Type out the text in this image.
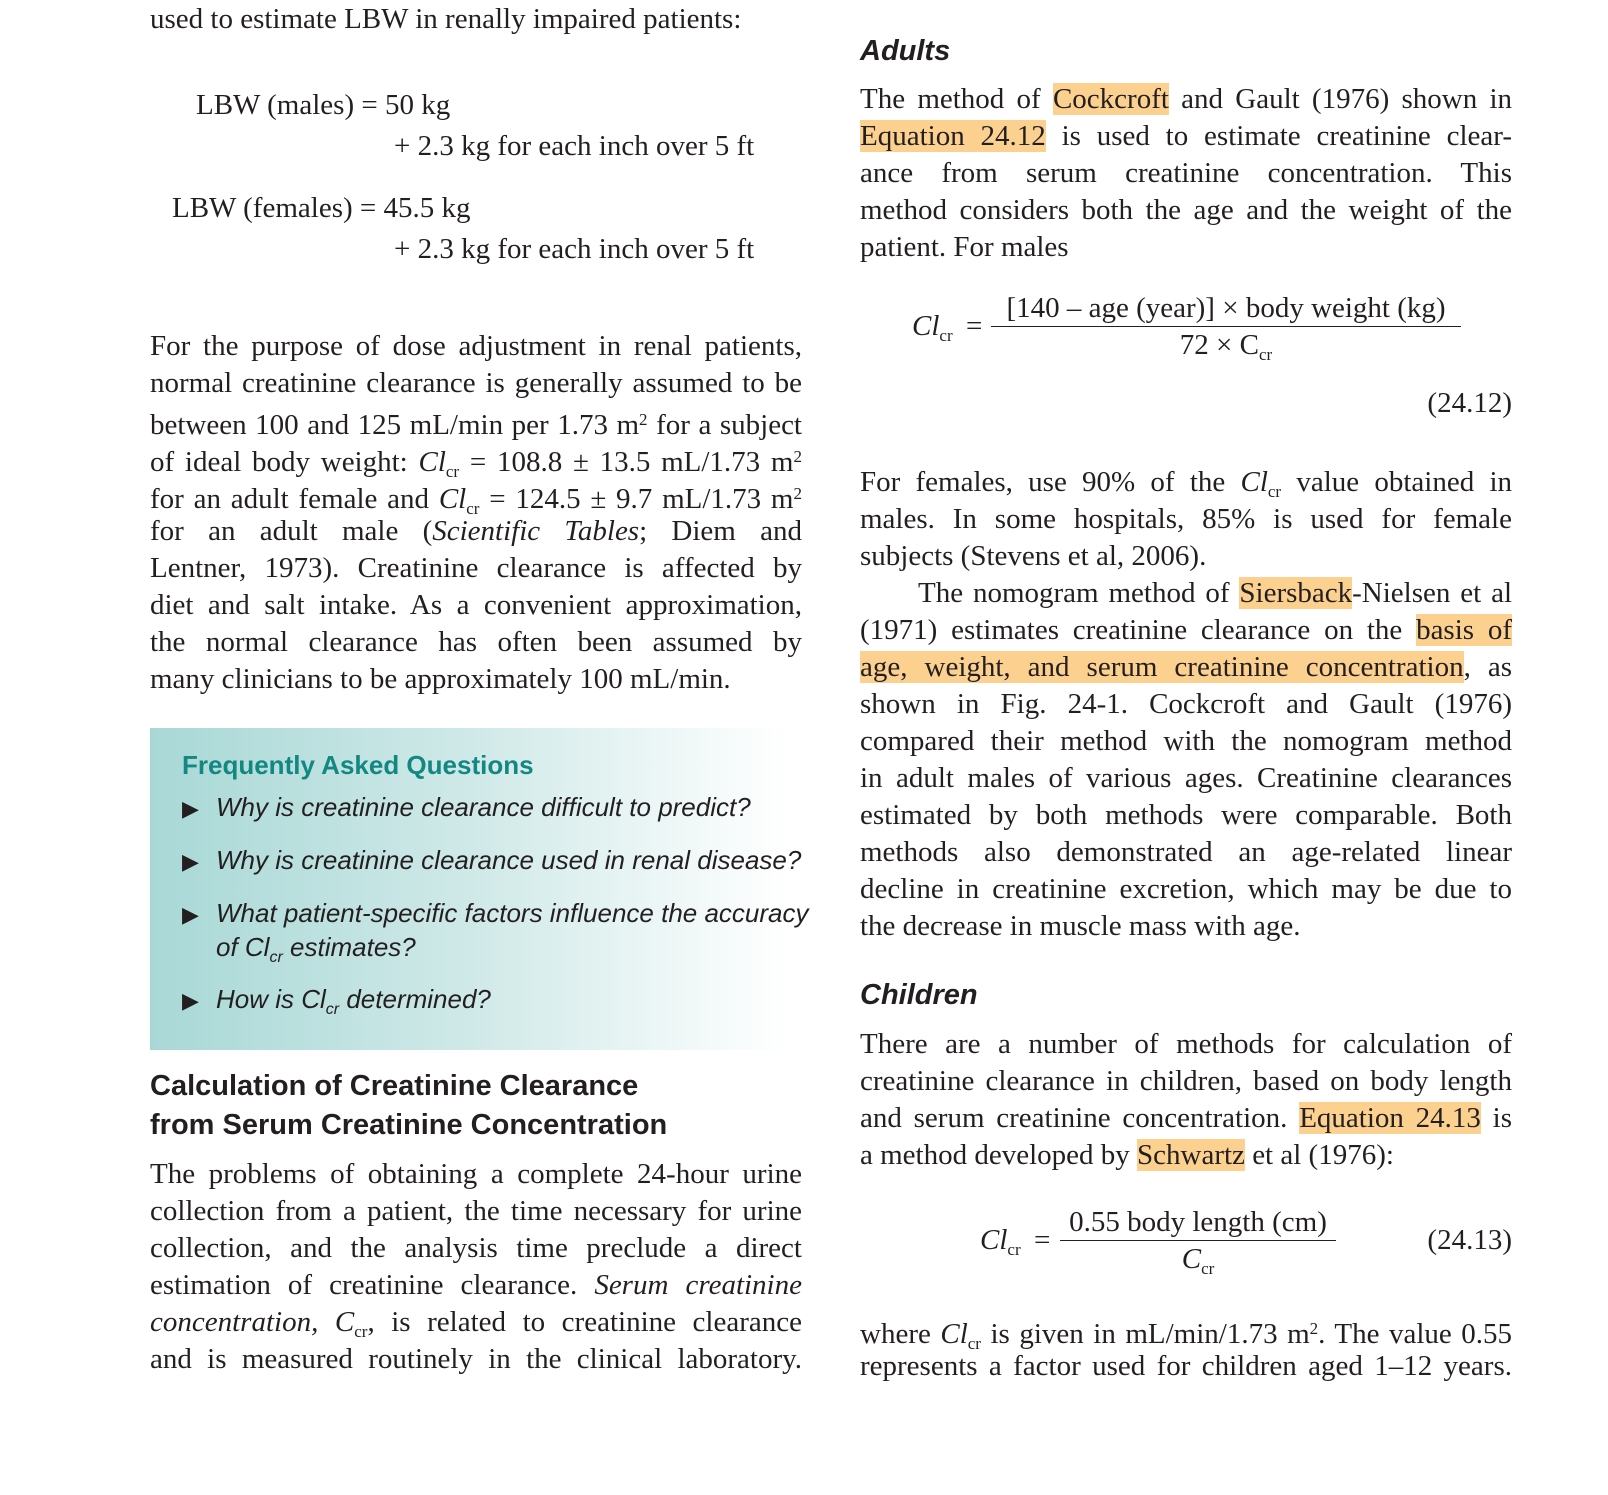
used to estimate LBW in renally impaired patients:
LBW (males) = 50 kg
+ 2.3 kg for each inch over 5 ft
LBW (females) = 45.5 kg
+ 2.3 kg for each inch over 5 ft
For the purpose of dose adjustment in renal patients,
normal creatinine clearance is generally assumed to be
between 100 and 125 mL/min per 1.73 $m^2$ for a subject
of ideal body weight: $Cl_{cr} = 108.8 \pm 13.5$ mL/1.73 $m^2$
for an adult female and $Cl_{cr} = 124.5 \pm 9.7$ mL/1.73 $m^2$
for an adult male (Scientific Tables; Diem and
Lentner, 1973). Creatinine clearance is affected by
diet and salt intake. As a convenient approximation,
the normal clearance has often been assumed by
many clinicians to be approximately 100 mL/min.
Frequently Asked Questions
▶ Why is creatinine clearance difficult to predict?
▶ Why is creatinine clearance used in renal disease?
▶ What patient-specific factors influence the accuracy
of $Cl_{cr}$ estimates?
▶ How is $Cl_{cr}$ determined?
Calculation of Creatinine Clearance
from Serum Creatinine Concentration
The problems of obtaining a complete 24-hour urine
collection from a patient, the time necessary for urine
collection, and the analysis time preclude a direct
estimation of creatinine clearance. Serum creatinine
concentration, $C_{cr}$, is related to creatinine clearance
and is measured routinely in the clinical laboratory.
Adults
The method of Cockcroft and Gault (1976) shown in
Equation 24.12 is used to estimate creatinine clear-
ance from serum creatinine concentration. This
method considers both the age and the weight of the
patient. For males
$Cl_{cr}$ =
[140 – age (year)] × body weight (kg)
$72 \times C_{cr}$
(24.12)
For females, use 90% of the $Cl_{cr}$ value obtained in
males. In some hospitals, 85% is used for female
subjects (Stevens et al, 2006).
The nomogram method of Siersback-Nielsen et al
(1971) estimates creatinine clearance on the basis of
age, weight, and serum creatinine concentration, as
shown in Fig. 24-1. Cockcroft and Gault (1976)
compared their method with the nomogram method
in adult males of various ages. Creatinine clearances
estimated by both methods were comparable. Both
methods also demonstrated an age-related linear
decline in creatinine excretion, which may be due to
the decrease in muscle mass with age.
Children
There are a number of methods for calculation of
creatinine clearance in children, based on body length
and serum creatinine concentration. Equation 24.13 is
a method developed by Schwartz et al (1976):
$Cl_{cr}$ =
0.55 body length (cm)
$C_{cr}$
(24.13)
where $Cl_{cr}$ is given in mL/min/1.73 $m^2$. The value 0.55
represents a factor used for children aged 1–12 years.
